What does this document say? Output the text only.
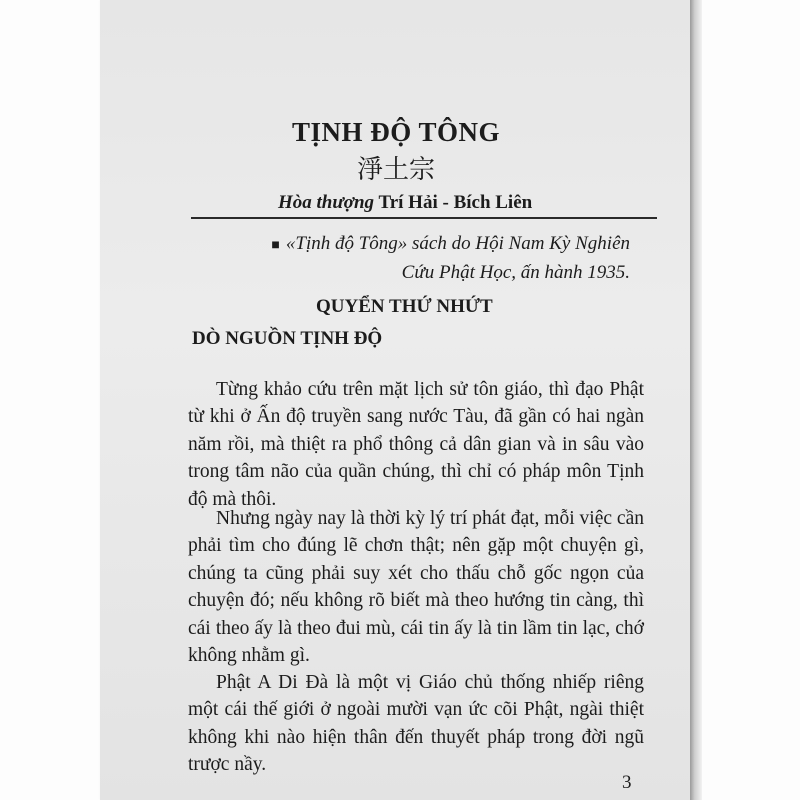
TỊNH ĐỘ TÔNG
淨土宗
Hòa thượng Trí Hải - Bích Liên
■ «Tịnh độ Tông» sách do Hội Nam Kỳ Nghiên Cứu Phật Học, ấn hành 1935.
QUYỂN THỨ NHỨT
DÒ NGUỒN TỊNH ĐỘ

Từng khảo cứu trên mặt lịch sử tôn giáo, thì đạo Phật từ khi ở Ấn độ truyền sang nước Tàu, đã gần có hai ngàn năm rồi, mà thiệt ra phổ thông cả dân gian và in sâu vào trong tâm não của quần chúng, thì chỉ có pháp môn Tịnh độ mà thôi.

Nhưng ngày nay là thời kỳ lý trí phát đạt, mỗi việc cần phải tìm cho đúng lẽ chơn thật; nên gặp một chuyện gì, chúng ta cũng phải suy xét cho thấu chỗ gốc ngọn của chuyện đó; nếu không rõ biết mà theo hướng tin càng, thì cái theo ấy là theo đui mù, cái tin ấy là tin lầm tin lạc, chớ không nhằm gì.

Phật A Di Đà là một vị Giáo chủ thống nhiếp riêng một cái thế giới ở ngoài mười vạn ức cõi Phật, ngài thiệt không khi nào hiện thân đến thuyết pháp trong đời ngũ trược nầy.

3
